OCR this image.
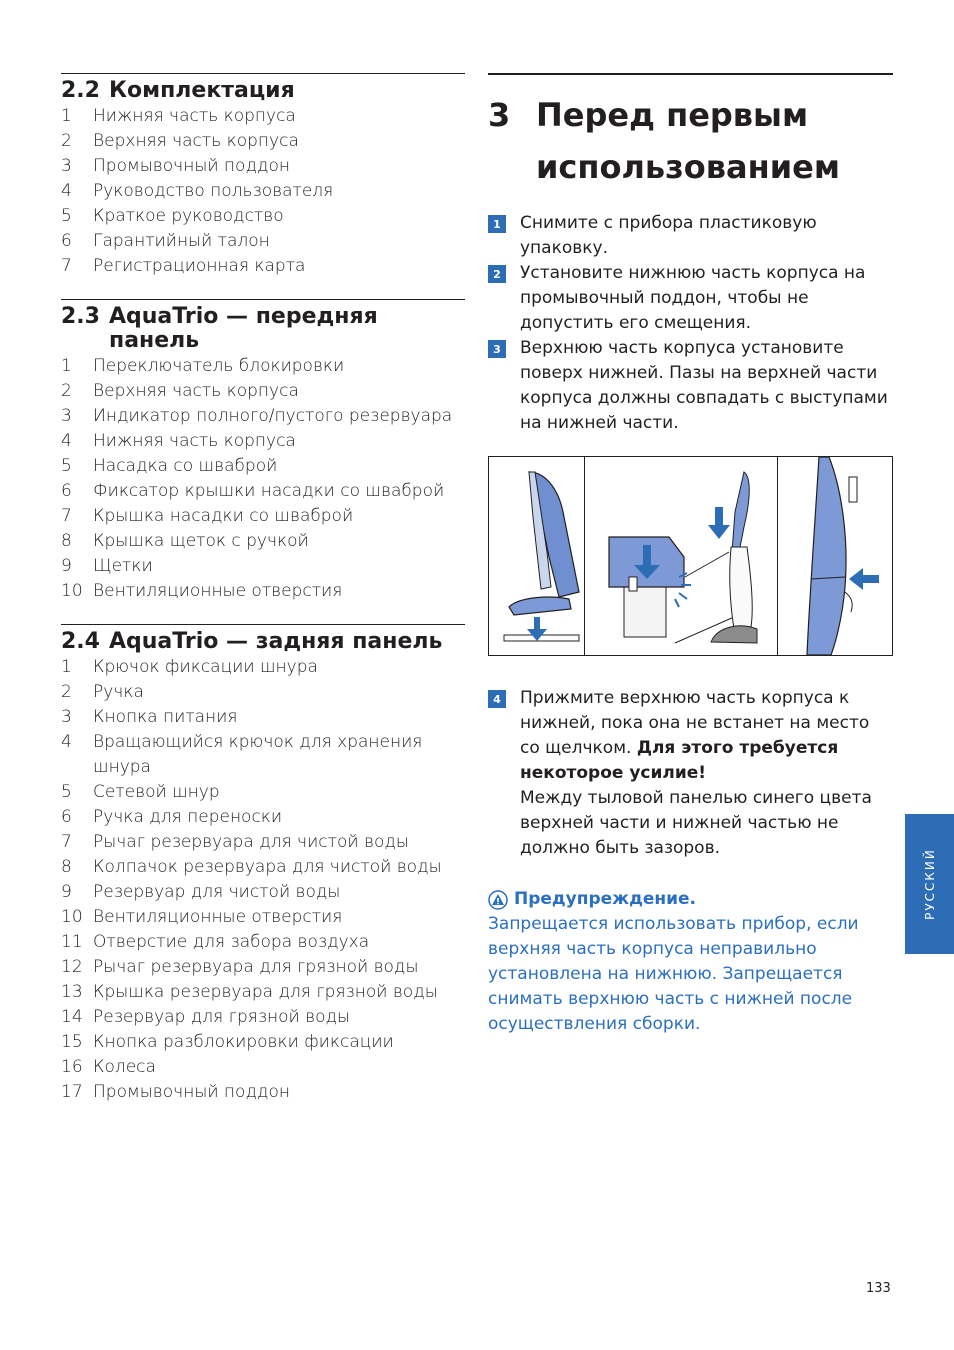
2.2 Комплектация
1	Нижняя часть корпуса
2	Верхняя часть корпуса
3	Промывочный поддон
4	Руководство пользователя
5	Краткое руководство
6	Гарантийный талон
7	Регистрационная карта
2.3 AquaTrio — передняя панель
1	Переключатель блокировки
2	Верхняя часть корпуса
3	Индикатор полного/пустого резервуара
4	Нижняя часть корпуса
5	Насадка со шваброй
6	Фиксатор крышки насадки со шваброй
7	Крышка насадки со шваброй
8	Крышка щеток с ручкой
9	Щетки
10 Вентиляционные отверстия
2.4 AquaTrio — задняя панель
1	Крючок фиксации шнура
2	Ручка
3	Кнопка питания
4	Вращающийся крючок для хранения шнура
5	Сетевой шнур
6	Ручка для переноски
7	Рычаг резервуара для чистой воды
8	Колпачок резервуара для чистой воды
9	Резервуар для чистой воды
10 Вентиляционные отверстия
11 Отверстие для забора воздуха
12 Рычаг резервуара для грязной воды
13 Крышка резервуара для грязной воды
14 Резервуар для грязной воды
15 Кнопка разблокировки фиксации
16 Колеса
17 Промывочный поддон
3 Перед первым
использованием
1	Снимите с прибора пластиковую упаковку.
2	Установите нижнюю часть корпуса на промывочный поддон, чтобы не допустить его смещения.
3	Верхнюю часть корпуса установите поверх нижней. Пазы на верхней части корпуса должны совпадать с выступами на нижней части.
4	Прижмите верхнюю часть корпуса к нижней, пока она не встанет на место со щелчком. Для этого требуется некоторое усилие!
Между тыловой панелью синего цвета верхней части и нижней частью не должно быть зазоров.
Предупреждение.
Запрещается использовать прибор, если верхняя часть корпуса неправильно установлена на нижнюю. Запрещается снимать верхнюю часть с нижней после осуществления сборки.
РУССКИЙ
133
